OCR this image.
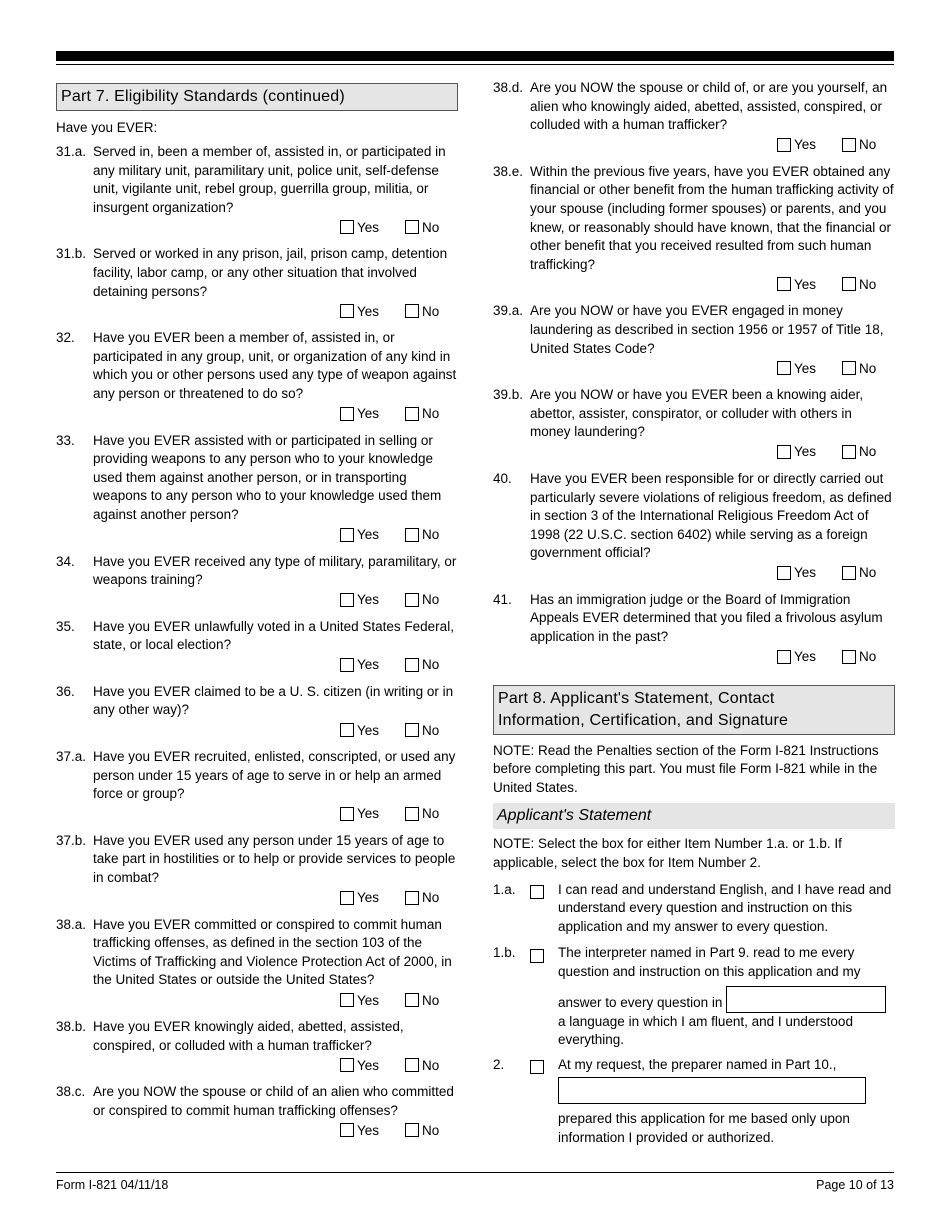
Part 7. Eligibility Standards (continued)
Have you EVER:
31.a. Served in, been a member of, assisted in, or participated in any military unit, paramilitary unit, police unit, self-defense unit, vigilante unit, rebel group, guerrilla group, militia, or insurgent organization?
Yes	No
31.b. Served or worked in any prison, jail, prison camp, detention facility, labor camp, or any other situation that involved detaining persons?
Yes	No
32.	Have you EVER been a member of, assisted in, or participated in any group, unit, or organization of any kind in which you or other persons used any type of weapon against any person or threatened to do so?
Yes	No
33.	Have you EVER assisted with or participated in selling or providing weapons to any person who to your knowledge used them against another person, or in transporting weapons to any person who to your knowledge used them against another person?
Yes	No
34.	Have you EVER received any type of military, paramilitary, or weapons training?
Yes	No
35.	Have you EVER unlawfully voted in a United States Federal, state, or local election?
Yes	No
36.	Have you EVER claimed to be a U. S. citizen (in writing or in any other way)?
Yes	No
37.a. Have you EVER recruited, enlisted, conscripted, or used any person under 15 years of age to serve in or help an armed force or group?
Yes	No
37.b. Have you EVER used any person under 15 years of age to take part in hostilities or to help or provide services to people in combat?
Yes	No
38.a. Have you EVER committed or conspired to commit human trafficking offenses, as defined in the section 103 of the Victims of Trafficking and Violence Protection Act of 2000, in the United States or outside the United States?
Yes	No
38.b. Have you EVER knowingly aided, abetted, assisted, conspired, or colluded with a human trafficker?
Yes	No
38.c. Are you NOW the spouse or child of an alien who committed or conspired to commit human trafficking offenses?
Yes	No
38.d. Are you NOW the spouse or child of, or are you yourself, an alien who knowingly aided, abetted, assisted, conspired, or colluded with a human trafficker?
Yes	No
38.e. Within the previous five years, have you EVER obtained any financial or other benefit from the human trafficking activity of your spouse (including former spouses) or parents, and you knew, or reasonably should have known, that the financial or other benefit that you received resulted from such human trafficking?
Yes	No
39.a. Are you NOW or have you EVER engaged in money laundering as described in section 1956 or 1957 of Title 18, United States Code?
Yes	No
39.b. Are you NOW or have you EVER been a knowing aider, abettor, assister, conspirator, or colluder with others in money laundering?
Yes	No
40.	Have you EVER been responsible for or directly carried out particularly severe violations of religious freedom, as defined in section 3 of the International Religious Freedom Act of 1998 (22 U.S.C. section 6402) while serving as a foreign government official?
Yes	No
41.	Has an immigration judge or the Board of Immigration Appeals EVER determined that you filed a frivolous asylum application in the past?
Yes	No
Part 8. Applicant's Statement, Contact
Information, Certification, and Signature
NOTE: Read the Penalties section of the Form I-821 Instructions before completing this part. You must file Form I-821 while in the United States.
Applicant's Statement
NOTE: Select the box for either Item Number 1.a. or 1.b. If applicable, select the box for Item Number 2.
1.a.	I can read and understand English, and I have read and understand every question and instruction on this application and my answer to every question.
1.b.	The interpreter named in Part 9. read to me every question and instruction on this application and my
answer to every question in
a language in which I am fluent, and I understood everything.
2.	At my request, the preparer named in Part 10.,
prepared this application for me based only upon information I provided or authorized.
Form I-821 04/11/18	Page 10 of 13
